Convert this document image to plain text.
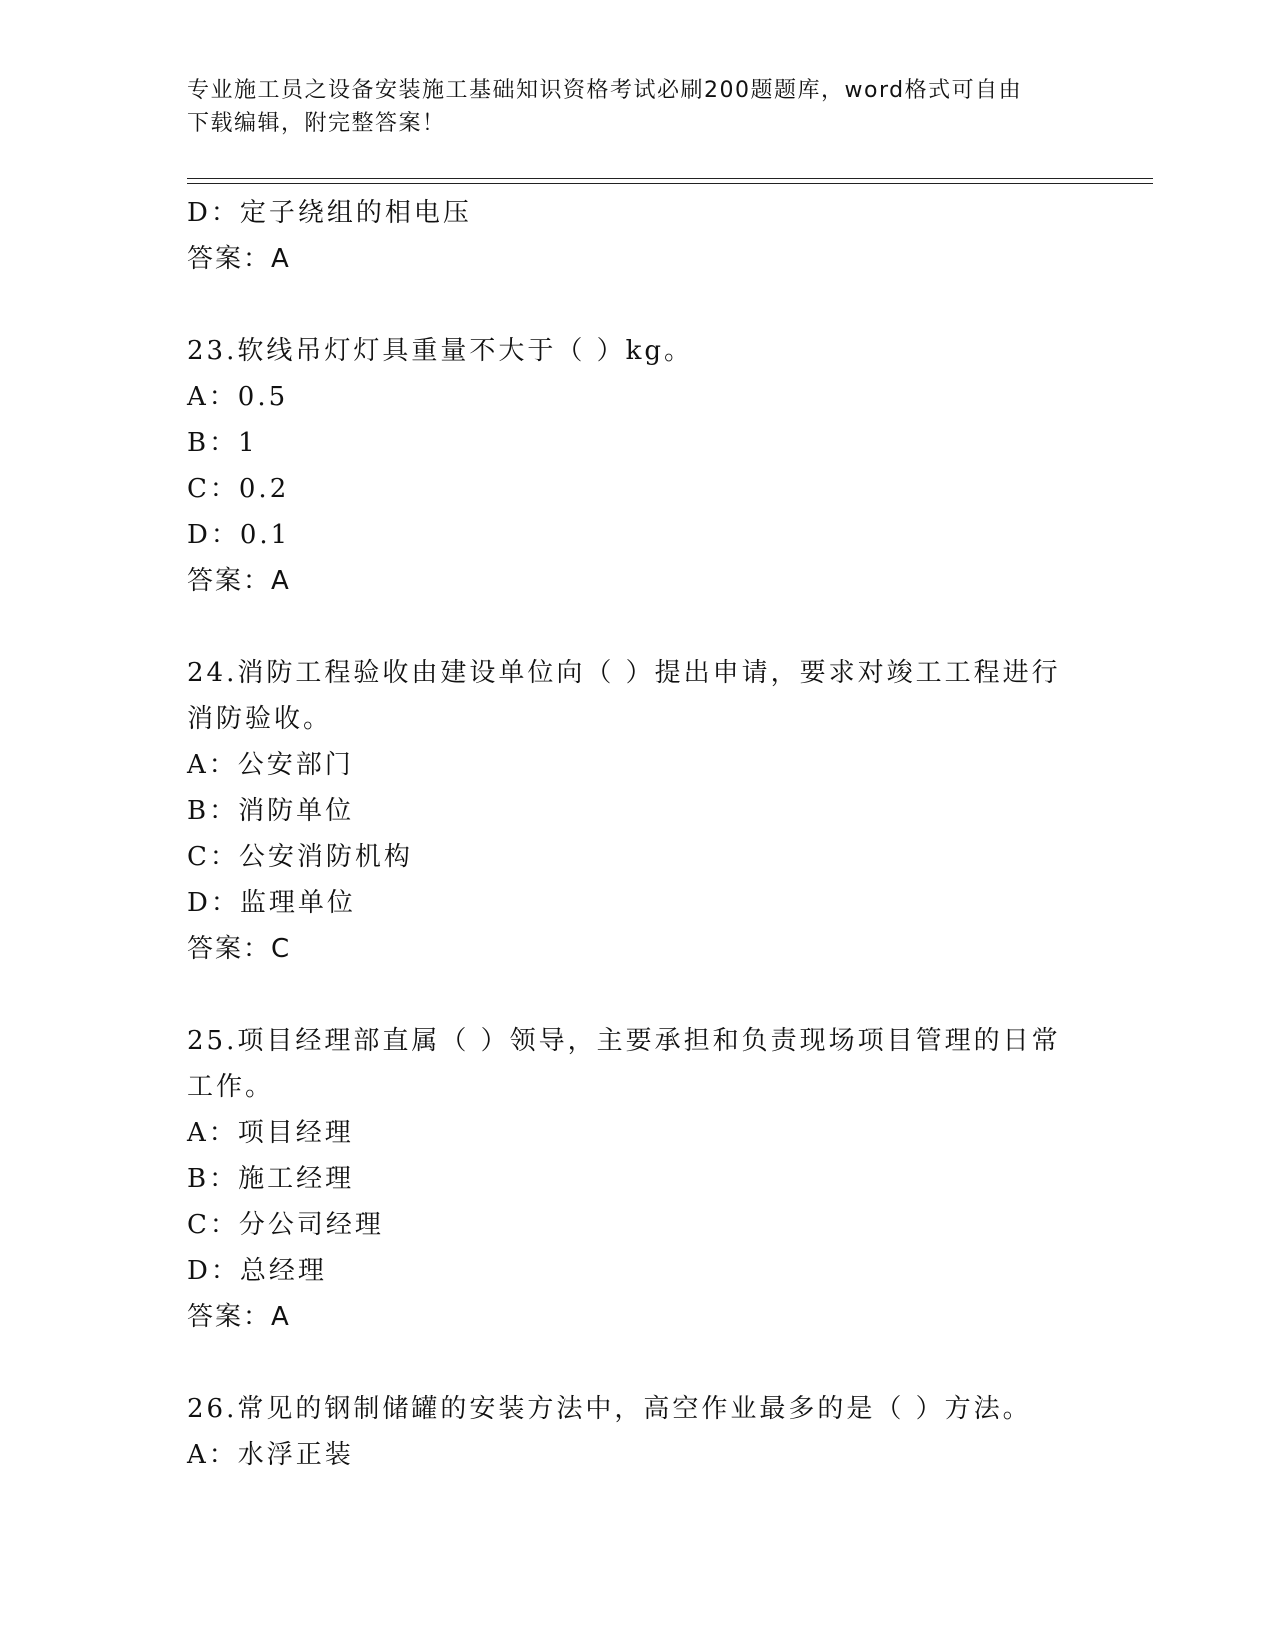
专业施工员之设备安装施工基础知识资格考试必刷200题题库，word格式可自由
下载编辑，附完整答案！
D：定子绕组的相电压
答案：A
23.软线吊灯灯具重量不大于（ ）kg。
A：0.5
B：1
C：0.2
D：0.1
答案：A
24.消防工程验收由建设单位向（ ）提出申请，要求对竣工工程进行
消防验收。
A：公安部门
B：消防单位
C：公安消防机构
D：监理单位
答案：C
25.项目经理部直属（ ）领导，主要承担和负责现场项目管理的日常
工作。
A：项目经理
B：施工经理
C：分公司经理
D：总经理
答案：A
26.常见的钢制储罐的安装方法中，高空作业最多的是（ ）方法。
A：水浮正装
